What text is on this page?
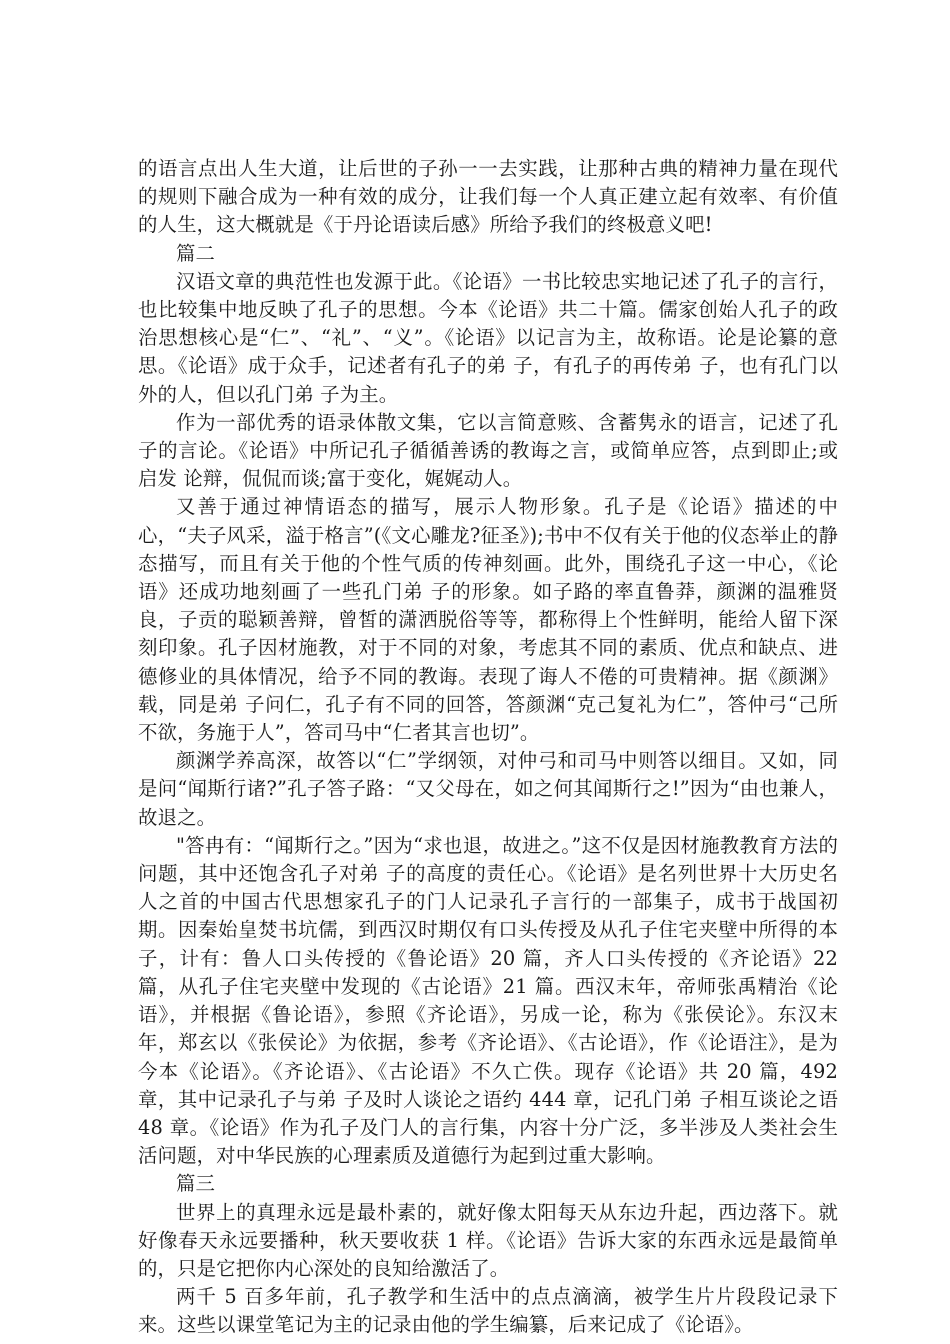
的语言点出人生大道，让后世的子孙一一去实践，让那种古典的精神力量在现代的规则下融合成为一种有效的成分，让我们每一个人真正建立起有效率、有价值的人生，这大概就是《于丹论语读后感》所给予我们的终极意义吧!

篇二

汉语文章的典范性也发源于此。《论语》一书比较忠实地记述了孔子的言行，也比较集中地反映了孔子的思想。今本《论语》共二十篇。儒家创始人孔子的政治思想核心是“仁”、“礼”、“义”。《论语》以记言为主，故称语。论是论纂的意思。《论语》成于众手，记述者有孔子的弟 子，有孔子的再传弟 子，也有孔门以外的人，但以孔门弟 子为主。

作为一部优秀的语录体散文集，它以言简意赅、含蓄隽永的语言，记述了孔子的言论。《论语》中所记孔子循循善诱的教诲之言，或简单应答，点到即止;或启发 论辩，侃侃而谈;富于变化，娓娓动人。

又善于通过神情语态的描写，展示人物形象。孔子是《论语》描述的中心，“夫子风采，溢于格言”(《文心雕龙?征圣》);书中不仅有关于他的仪态举止的静态描写，而且有关于他的个性气质的传神刻画。此外，围绕孔子这一中心，《论语》还成功地刻画了一些孔门弟 子的形象。如子路的率直鲁莽，颜渊的温雅贤良，子贡的聪颖善辩，曾皙的潇洒脱俗等等，都称得上个性鲜明，能给人留下深刻印象。孔子因材施教，对于不同的对象，考虑其不同的素质、优点和缺点、进德修业的具体情况，给予不同的教诲。表现了诲人不倦的可贵精神。据《颜渊》载，同是弟 子问仁，孔子有不同的回答，答颜渊“克己复礼为仁”，答仲弓“己所不欲，务施于人”，答司马中“仁者其言也切”。

颜渊学养高深，故答以“仁”学纲领，对仲弓和司马中则答以细目。又如，同是问“闻斯行诸?”孔子答子路：“又父母在，如之何其闻斯行之!”因为“由也兼人，故退之。

"答冉有：“闻斯行之。”因为“求也退，故进之。”这不仅是因材施教教育方法的问题，其中还饱含孔子对弟 子的高度的责任心。《论语》是名列世界十大历史名人之首的中国古代思想家孔子的门人记录孔子言行的一部集子，成书于战国初期。因秦始皇焚书坑儒，到西汉时期仅有口头传授及从孔子住宅夹壁中所得的本子，计有：鲁人口头传授的《鲁论语》20 篇，齐人口头传授的《齐论语》22 篇，从孔子住宅夹壁中发现的《古论语》21 篇。西汉末年，帝师张禹精治《论语》，并根据《鲁论语》，参照《齐论语》，另成一论，称为《张侯论》。东汉末年，郑玄以《张侯论》为依据，参考《齐论语》、《古论语》，作《论语注》，是为今本《论语》。《齐论语》、《古论语》不久亡佚。现存《论语》共 20 篇，492 章，其中记录孔子与弟 子及时人谈论之语约 444 章，记孔门弟 子相互谈论之语 48 章。《论语》作为孔子及门人的言行集，内容十分广泛，多半涉及人类社会生活问题，对中华民族的心理素质及道德行为起到过重大影响。

篇三

世界上的真理永远是最朴素的，就好像太阳每天从东边升起，西边落下。就好像春天永远要播种，秋天要收获 1 样。《论语》告诉大家的东西永远是最简单的，只是它把你内心深处的良知给激活了。

两千 5 百多年前，孔子教学和生活中的点点滴滴，被学生片片段段记录下来。这些以课堂笔记为主的记录由他的学生编纂，后来记成了《论语》。
